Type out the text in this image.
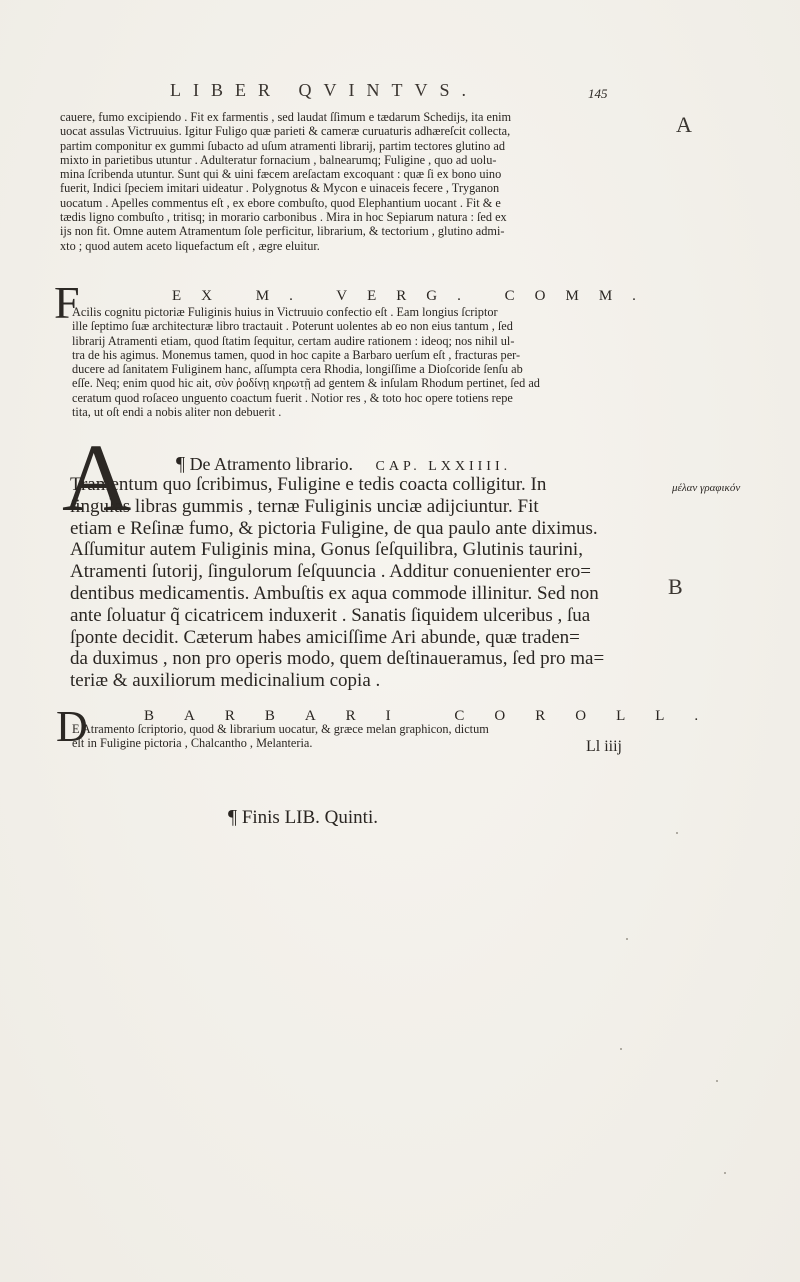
LIBER QVINTVS.	145
cauere, fumo excipiendo . Fit ex farmentis , sed laudat ſſimum e tædarum Schedijs, ita enim
uocat assulas Victruuius. Igitur Fuligo quæ parieti & cameræ curuaturis adhæreſcit collecta,
partim componitur ex gummi ſubacto ad uſum atramenti librarij, partim tectores glutino ad
mixto in parietibus utuntur . Adulteratur fornacium , balnearumq; Fuligine , quo ad uolu-
mina ſcribenda utuntur. Sunt qui & uini fæcem areſactam excoquant : quæ ſi ex bono uino
fuerit, Indici ſpeciem imitari uideatur . Polygnotus & Mycon e uinaceis fecere , Tryganon
uocatum . Apelles commentus eſt , ex ebore combuſto, quod Elephantium uocant . Fit & e
tædis ligno combuſto , tritisq; in morario carbonibus . Mira in hoc Sepiarum natura : ſed ex
ijs non fit. Omne autem Atramentum ſole perficitur, librarium, & tectorium , glutino admi-
xto ; quod autem aceto liquefactum eſt , ægre eluitur.
F	EX M. VERG. COMM.
Acilis cognitu pictoriæ Fuliginis huius in Victruuio confectio eſt . Eam longius ſcriptor
ille ſeptimo ſuæ architecturæ libro tractauit . Poterunt uolentes ab eo non eius tantum , ſed
librarij Atramenti etiam, quod ſtatim ſequitur, certam audire rationem : ideoq; nos nihil ul-
tra de his agimus. Monemus tamen, quod in hoc capite a Barbaro uerſum eſt , fracturas per-
ducere ad ſanitatem Fuliginem hanc, aſſumpta cera Rhodia, longiſſime a Dioſcoride ſenſu ab
eſſe. Neq; enim quod hic ait, σὺν ῥοδίνῃ κηρωτῇ ad gentem & inſulam Rhodum pertinet, ſed ad
ceratum quod roſaceo unguento coactum fuerit . Notior res , & toto hoc opere totiens repe
tita, ut oſt endi a nobis aliter non debuerit .
A ¶ De Atramento librario. CAP. LXXIIII.
Tramentum quo ſcribimus, Fuligine e tedis coacta colligitur. In
ſingulas libras gummis , ternæ Fuliginis unciæ adijciuntur. Fit
etiam e Reſinæ fumo, & pictoria Fuligine, de qua paulo ante diximus.
Aſſumitur autem Fuliginis mina, Gonus ſeſquilibra, Glutinis taurini,
Atramenti ſutorij, ſingulorum ſeſquuncia . Additur conuenienter ero=
dentibus medicamentis. Ambuſtis ex aqua commode illinitur. Sed non
ante ſoluatur q̃ cicatricem induxerit . Sanatis ſiquidem ulceribus , ſua
ſponte decidit. Cæterum habes amiciſſime Ari abunde, quæ traden=
da duximus , non pro operis modo, quem deſtinaueramus, ſed pro ma=
teriæ & auxiliorum medicinalium copia .
D	BARBARI COROLL.
E Atramento ſcriptorio, quod & librarium uocatur, & græce melan graphicon, dictum
eſt in Fuligine pictoria , Chalcantho , Melanteria.	Ll iiij
¶ Finis LIB. Quinti.
A
μέλαν γραφικόν
B
